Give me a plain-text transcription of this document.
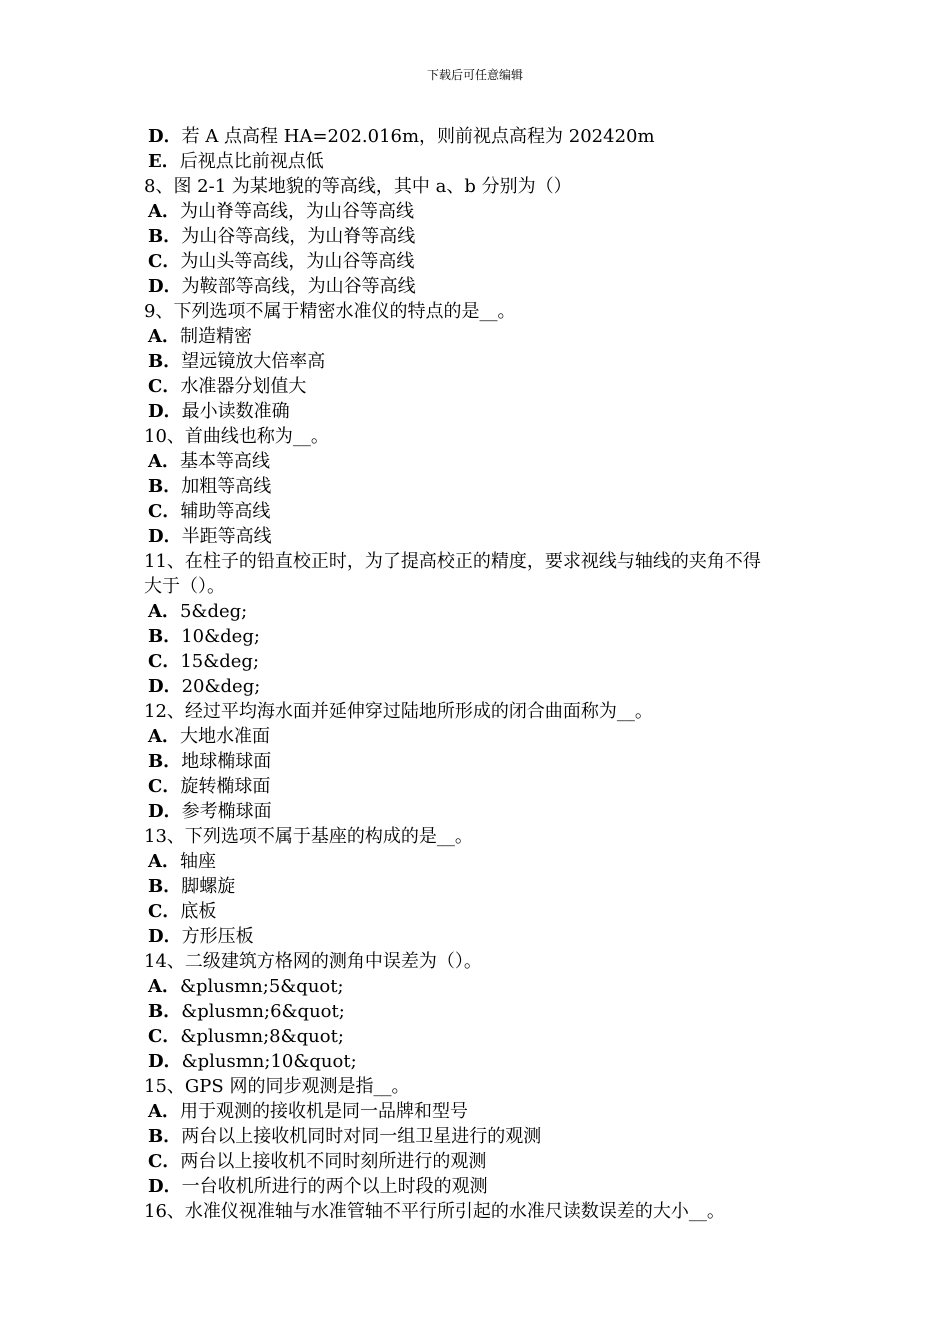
下载后可任意编辑
D．若 A 点高程 HA=202.016m，则前视点高程为 202420m
E．后视点比前视点低
8、图 2-1 为某地貌的等高线，其中 a、b 分别为（）
A．为山脊等高线，为山谷等高线
B．为山谷等高线，为山脊等高线
C．为山头等高线，为山谷等高线
D．为鞍部等高线，为山谷等高线
9、下列选项不属于精密水准仪的特点的是__。
A．制造精密
B．望远镜放大倍率高
C．水准器分划值大
D．最小读数准确
10、首曲线也称为__。
A．基本等高线
B．加粗等高线
C．辅助等高线
D．半距等高线
11、在柱子的铅直校正时，为了提高校正的精度，要求视线与轴线的夹角不得
大于（）。
A．5&deg;
B．10&deg;
C．15&deg;
D．20&deg;
12、经过平均海水面并延伸穿过陆地所形成的闭合曲面称为__。
A．大地水准面
B．地球椭球面
C．旋转椭球面
D．参考椭球面
13、下列选项不属于基座的构成的是__。
A．轴座
B．脚螺旋
C．底板
D．方形压板
14、二级建筑方格网的测角中误差为（）。
A．&plusmn;5&quot;
B．&plusmn;6&quot;
C．&plusmn;8&quot;
D．&plusmn;10&quot;
15、GPS 网的同步观测是指__。
A．用于观测的接收机是同一品牌和型号
B．两台以上接收机同时对同一组卫星进行的观测
C．两台以上接收机不同时刻所进行的观测
D．一台收机所进行的两个以上时段的观测
16、水准仪视准轴与水准管轴不平行所引起的水准尺读数误差的大小__。
